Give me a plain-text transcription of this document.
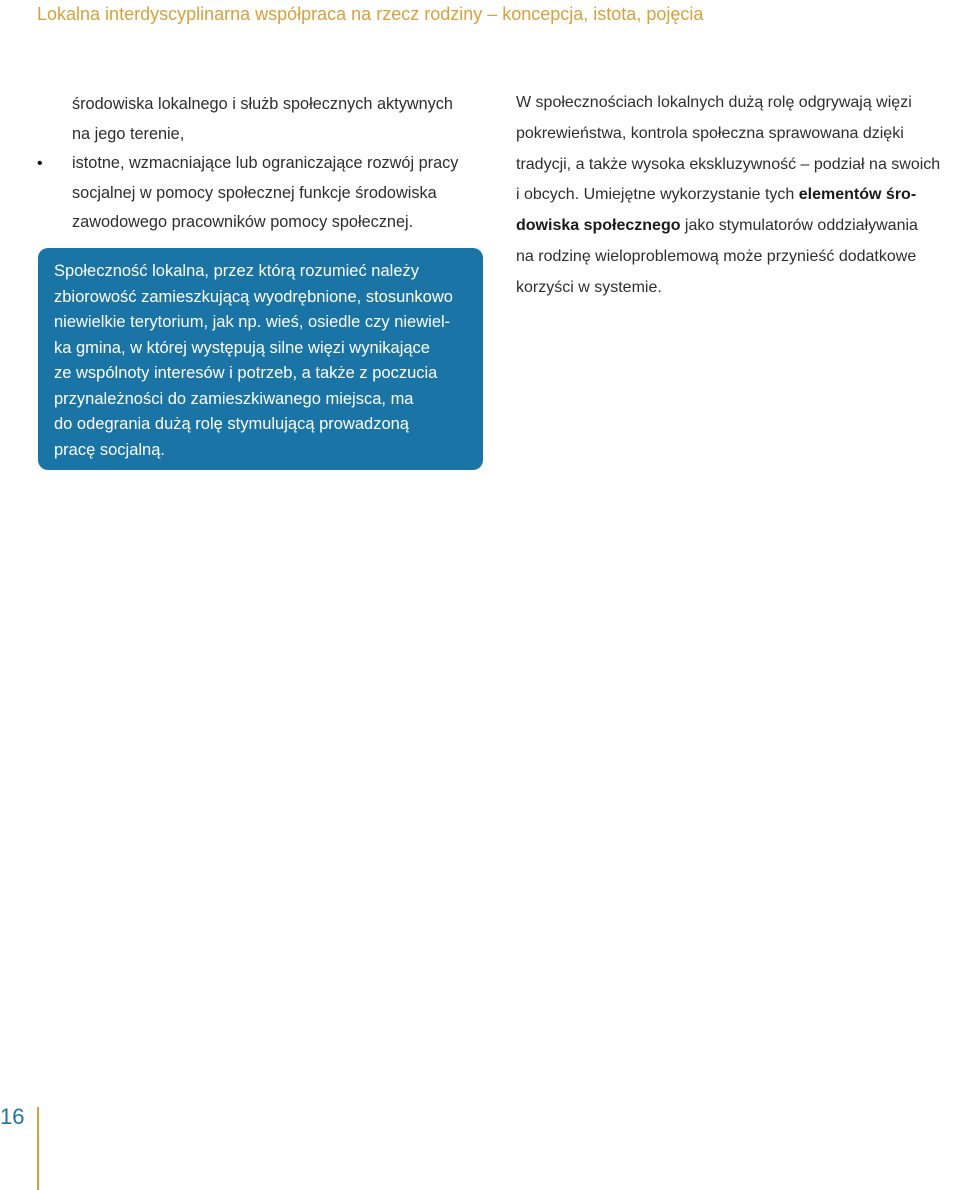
Lokalna interdyscyplinarna współpraca na rzecz rodziny – koncepcja, istota, pojęcia
środowiska lokalnego i służb społecznych aktywnych
na jego terenie,
• istotne, wzmacniające lub ograniczające rozwój pracy
socjalnej w pomocy społecznej funkcje środowiska
zawodowego pracowników pomocy społecznej.
Społeczność lokalna, przez którą rozumieć należy
zbiorowość zamieszkującą wyodrębnione, stosunkowo
niewielkie terytorium, jak np. wieś, osiedle czy niewiel-
ka gmina, w której występują silne więzi wynikające
ze wspólnoty interesów i potrzeb, a także z poczucia
przynależności do zamieszkiwanego miejsca, ma
do odegrania dużą rolę stymulującą prowadzoną
pracę socjalną.
W społecznościach lokalnych dużą rolę odgrywają więzi
pokrewieństwa, kontrola społeczna sprawowana dzięki
tradycji, a także wysoka ekskluzywność – podział na swoich
i obcych. Umiejętne wykorzystanie tych elementów śro-
dowiska społecznego jako stymulatorów oddziaływania
na rodzinę wieloproblemową może przynieść dodatkowe
korzyści w systemie.
16
